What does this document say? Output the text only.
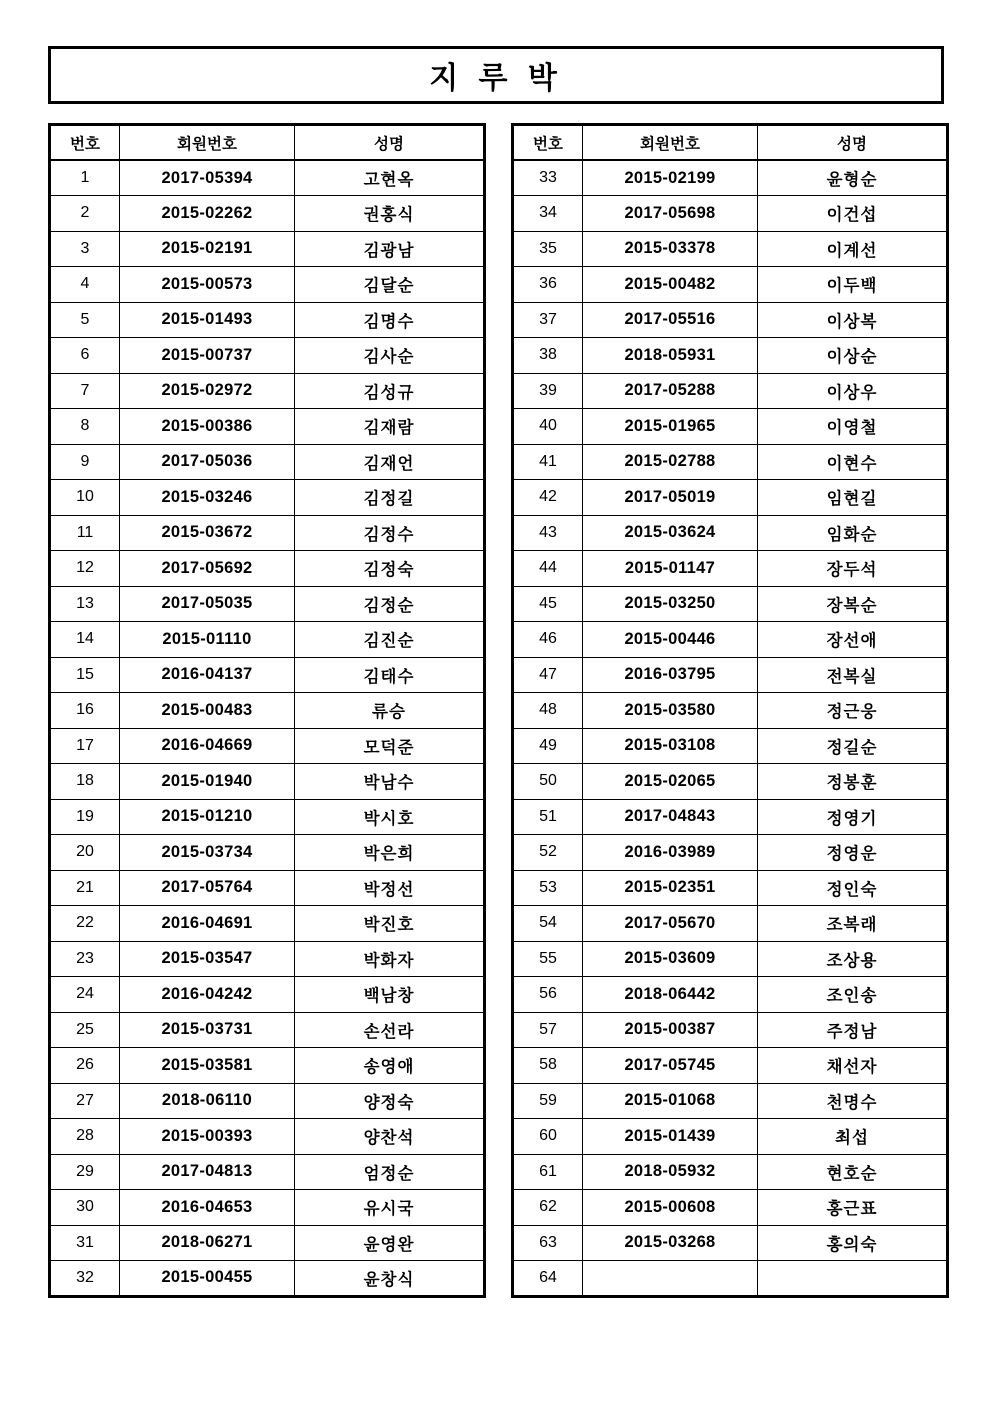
지 루 박
번호	회원번호	성명
1	2017-05394	고현옥
2	2015-02262	권홍식
3	2015-02191	김광남
4	2015-00573	김달순
5	2015-01493	김명수
6	2015-00737	김사순
7	2015-02972	김성규
8	2015-00386	김재람
9	2017-05036	김재언
10	2015-03246	김정길
11	2015-03672	김정수
12	2017-05692	김정숙
13	2017-05035	김정순
14	2015-01110	김진순
15	2016-04137	김태수
16	2015-00483	류승
17	2016-04669	모덕준
18	2015-01940	박남수
19	2015-01210	박시호
20	2015-03734	박은희
21	2017-05764	박정선
22	2016-04691	박진호
23	2015-03547	박화자
24	2016-04242	백남창
25	2015-03731	손선라
26	2015-03581	송영애
27	2018-06110	양정숙
28	2015-00393	양찬석
29	2017-04813	엄정순
30	2016-04653	유시국
31	2018-06271	윤영완
32	2015-00455	윤창식
번호	회원번호	성명
33	2015-02199	윤형순
34	2017-05698	이건섭
35	2015-03378	이계선
36	2015-00482	이두백
37	2017-05516	이상복
38	2018-05931	이상순
39	2017-05288	이상우
40	2015-01965	이영철
41	2015-02788	이현수
42	2017-05019	임현길
43	2015-03624	임화순
44	2015-01147	장두석
45	2015-03250	장복순
46	2015-00446	장선애
47	2016-03795	전복실
48	2015-03580	정근웅
49	2015-03108	정길순
50	2015-02065	정봉훈
51	2017-04843	정영기
52	2016-03989	정영운
53	2015-02351	정인숙
54	2017-05670	조복래
55	2015-03609	조상용
56	2018-06442	조인송
57	2015-00387	주정남
58	2017-05745	채선자
59	2015-01068	천명수
60	2015-01439	최섭
61	2018-05932	현호순
62	2015-00608	홍근표
63	2015-03268	홍의숙
64		
